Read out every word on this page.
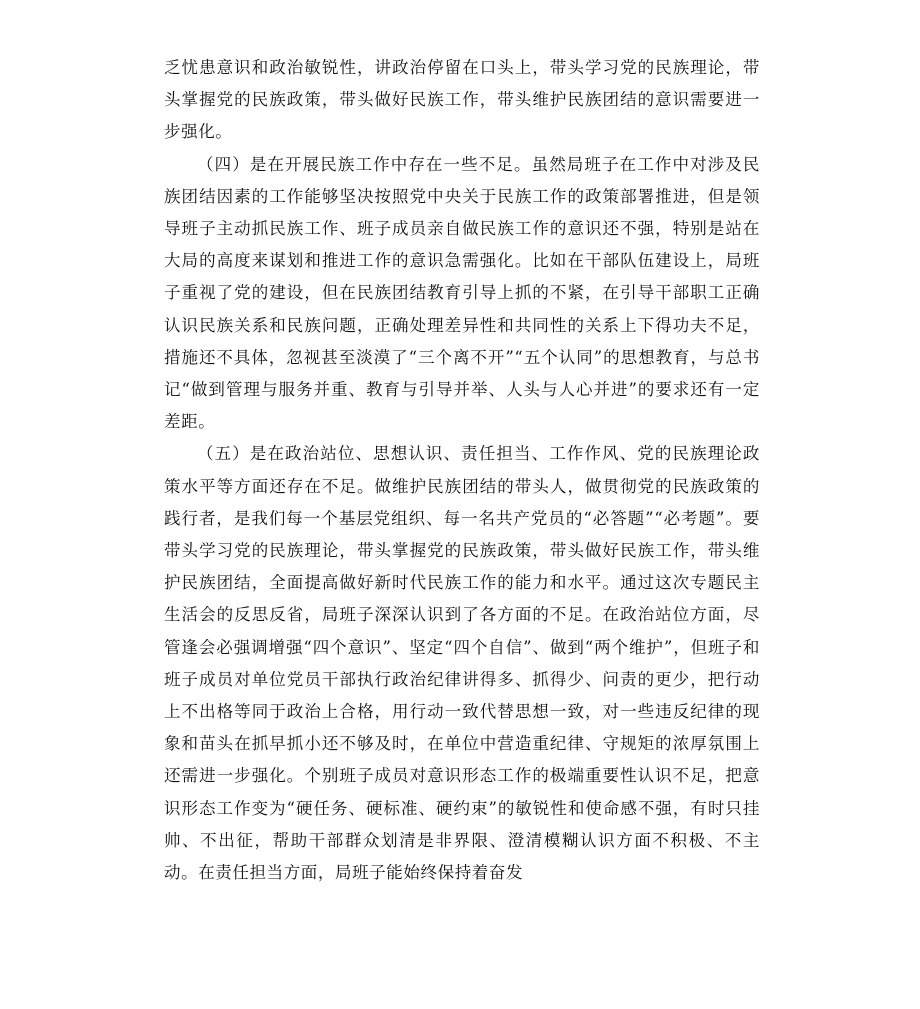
乏忧患意识和政治敏锐性，讲政治停留在口头上，带头学习党的民族理论，带头掌握党的民族政策，带头做好民族工作，带头维护民族团结的意识需要进一步强化。

（四）是在开展民族工作中存在一些不足。虽然局班子在工作中对涉及民族团结因素的工作能够坚决按照党中央关于民族工作的政策部署推进，但是领导班子主动抓民族工作、班子成员亲自做民族工作的意识还不强，特别是站在大局的高度来谋划和推进工作的意识急需强化。比如在干部队伍建设上，局班子重视了党的建设，但在民族团结教育引导上抓的不紧，在引导干部职工正确认识民族关系和民族问题，正确处理差异性和共同性的关系上下得功夫不足，措施还不具体，忽视甚至淡漠了“三个离不开”“五个认同”的思想教育，与总书记“做到管理与服务并重、教育与引导并举、人头与人心并进”的要求还有一定差距。

（五）是在政治站位、思想认识、责任担当、工作作风、党的民族理论政策水平等方面还存在不足。做维护民族团结的带头人，做贯彻党的民族政策的践行者，是我们每一个基层党组织、每一名共产党员的“必答题”“必考题”。要带头学习党的民族理论，带头掌握党的民族政策，带头做好民族工作，带头维护民族团结，全面提高做好新时代民族工作的能力和水平。通过这次专题民主生活会的反思反省，局班子深深认识到了各方面的不足。在政治站位方面，尽管逢会必强调增强“四个意识”、坚定“四个自信”、做到“两个维护”，但班子和班子成员对单位党员干部执行政治纪律讲得多、抓得少、问责的更少，把行动上不出格等同于政治上合格，用行动一致代替思想一致，对一些违反纪律的现象和苗头在抓早抓小还不够及时，在单位中营造重纪律、守规矩的浓厚氛围上还需进一步强化。个别班子成员对意识形态工作的极端重要性认识不足，把意识形态工作变为“硬任务、硬标准、硬约束”的敏锐性和使命感不强，有时只挂帅、不出征，帮助干部群众划清是非界限、澄清模糊认识方面不积极、不主动。在责任担当方面，局班子能始终保持着奋发
